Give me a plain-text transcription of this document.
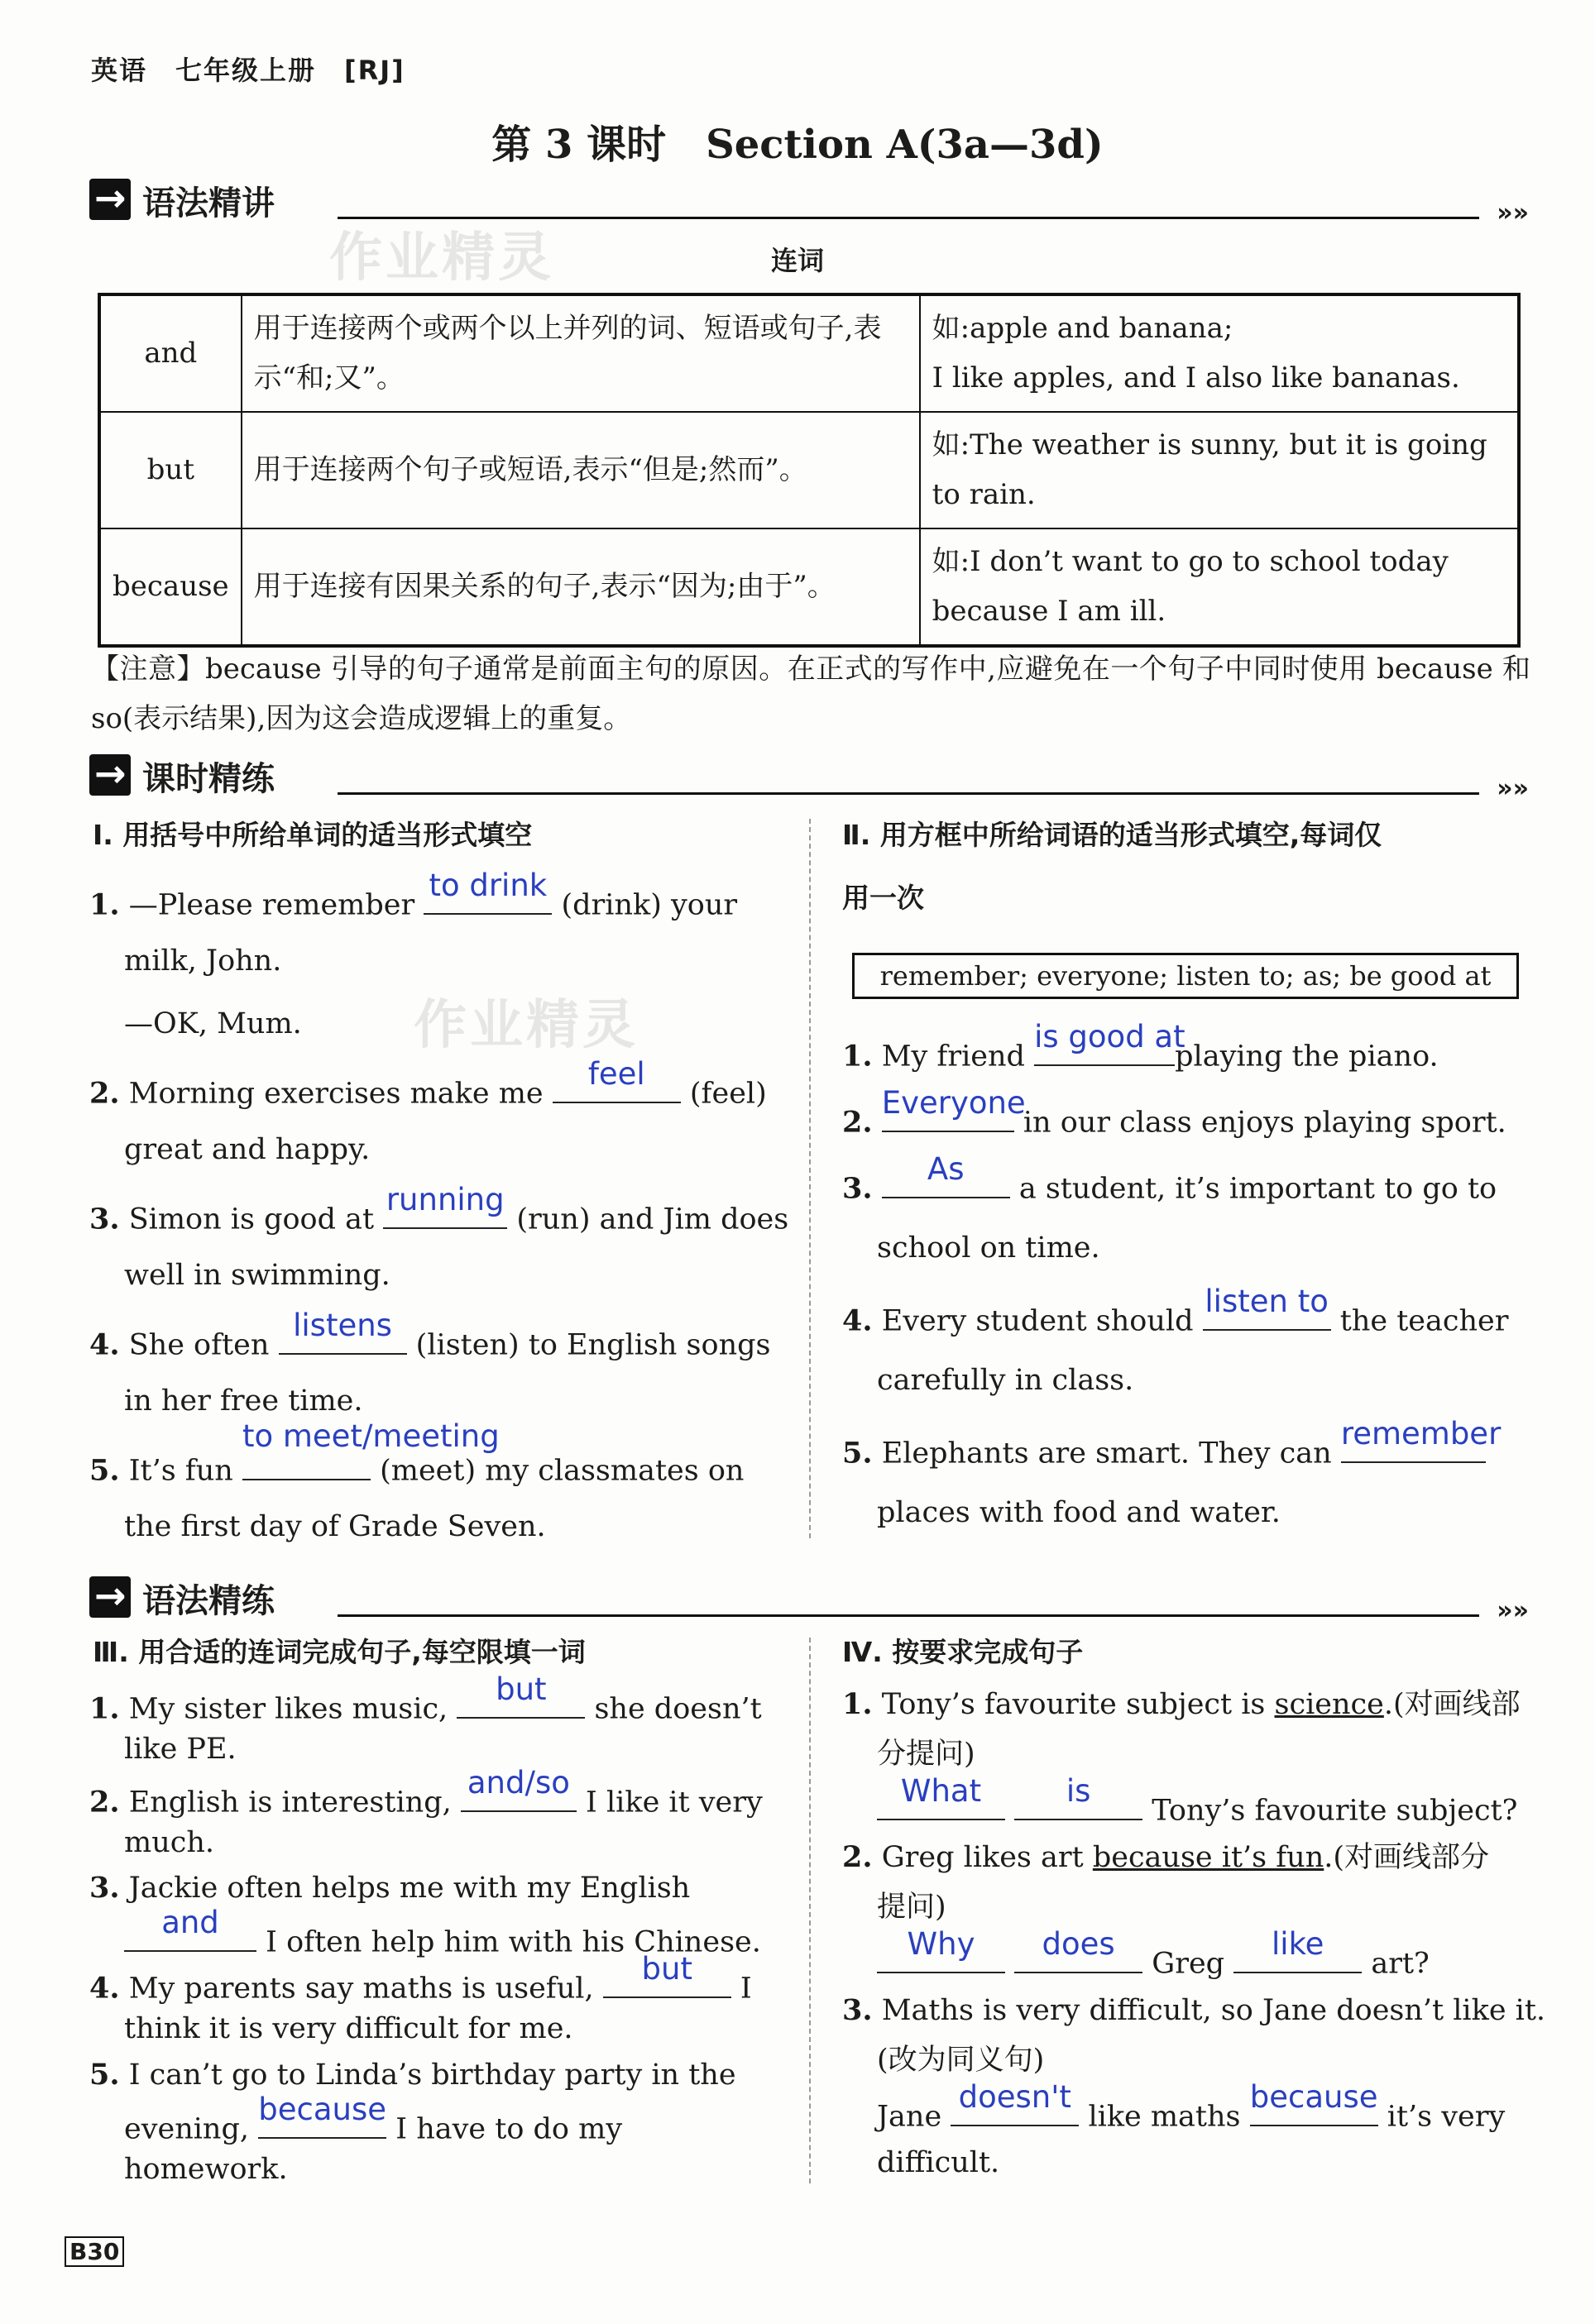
英语　七年级上册　[RJ]
第 3 课时　Section A(3a—3d)
→
语法精讲	»»
作业精灵	连词
and	用于连接两个或两个以上并列的词、短语或句子,表示“和;又”。	如:apple and banana;
I like apples, and I also like bananas.
but	用于连接两个句子或短语,表示“但是;然而”。	如:The weather is sunny, but it is going to rain.
because	用于连接有因果关系的句子,表示“因为;由于”。	如:I don’t want to go to school today because I am ill.
【注意】because 引导的句子通常是前面主句的原因。在正式的写作中,应避免在一个句子中同时使用 because 和 so(表示结果),因为这会造成逻辑上的重复。
→
课时精练	»»
作业精灵
Ⅰ. 用括号中所给单词的适当形式填空
1. —Please remember
to drink
(drink) your
milk, John.
—OK, Mum.
2. Morning exercises make me
feel
(feel)
great and happy.
3. Simon is good at
running
(run) and Jim does
well in swimming.
4. She often
listens
(listen) to English songs
in her free time.
5. It’s fun
to meet/meeting
(meet) my classmates on
the first day of Grade Seven.
Ⅱ. 用方框中所给词语的适当形式填空,每词仅
用一次
remember; everyone; listen to; as; be good at
1. My friend
is good at
playing the piano.
2.
Everyone
in our class enjoys playing sport.
3.
As
a student, it’s important to go to
school on time.
4. Every student should
listen to
the teacher
carefully in class.
5. Elephants are smart. They can
remember
places with food and water.
→
语法精练	»»
Ⅲ. 用合适的连词完成句子,每空限填一词
1. My sister likes music,
but
she doesn’t
like PE.
2. English is interesting,
and/so
I like it very
much.
3. Jackie often helps me with my English
and
I often help him with his Chinese.
4. My parents say maths is useful,
but
I
think it is very difficult for me.
5. I can’t go to Linda’s birthday party in the
evening,
because
I have to do my
homework.
Ⅳ. 按要求完成句子
1. Tony’s favourite subject is science.(对画线部
分提问)
What
	is
Tony’s favourite subject?
2. Greg likes art because it’s fun.(对画线部分
提问)
Why
	does
Greg
like
art?
3. Maths is very difficult, so Jane doesn’t like it.
(改为同义句)
Jane
doesn't
like maths
because
it’s very
difficult.
B30
